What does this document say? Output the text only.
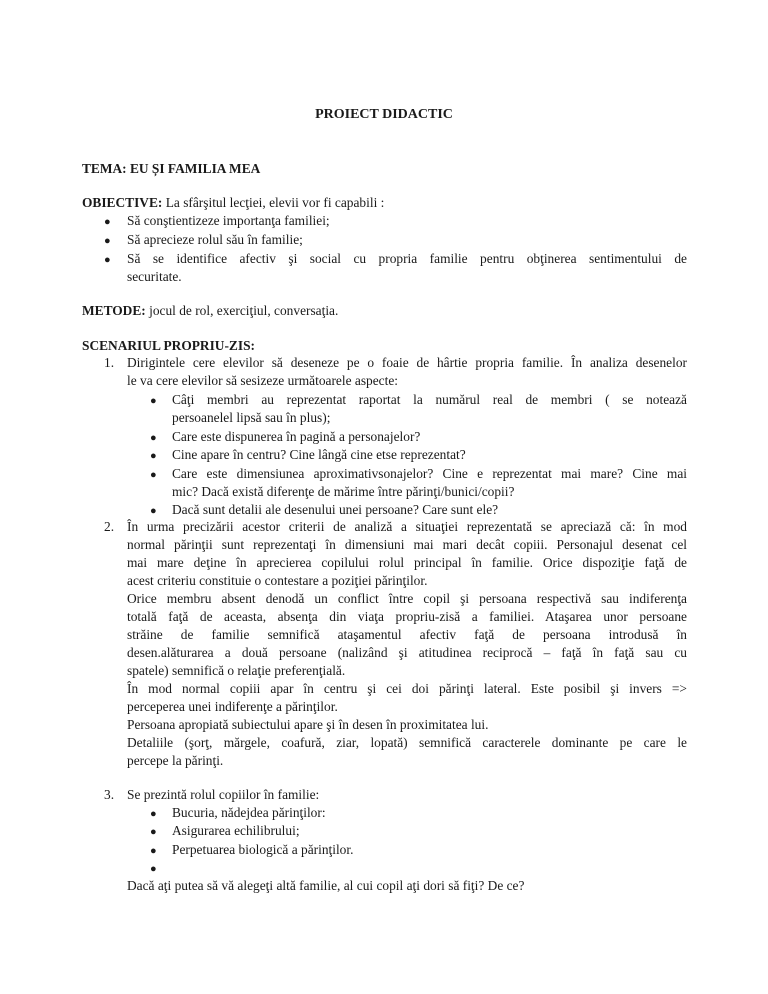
PROIECT DIDACTIC
TEMA: EU ȘI FAMILIA MEA
OBIECTIVE: La sfârşitul lecţiei, elevii vor fi capabili :
● Să conştientizeze importanţa familiei;
● Să aprecieze rolul său în familie;
● Să se identifice afectiv şi social cu propria familie pentru obţinerea sentimentului de
securitate.
METODE: jocul de rol, exerciţiul, conversaţia.
SCENARIUL PROPRIU-ZIS:
1. Dirigintele cere elevilor să deseneze pe o foaie de hârtie propria familie. În analiza desenelor
le va cere elevilor să sesizeze următoarele aspecte:
● Câţi membri au reprezentat raportat la numărul real de membri ( se notează
persoanelel lipsă sau în plus);
● Care este dispunerea în pagină a personajelor?
● Cine apare în centru? Cine lângă cine etse reprezentat?
● Care este dimensiunea aproximativsonajelor? Cine e reprezentat mai mare? Cine mai
mic? Dacă există diferenţe de mărime între părinţi/bunici/copii?
● Dacă sunt detalii ale desenului unei persoane? Care sunt ele?
2. În urma precizării acestor criterii de analiză a situaţiei reprezentată se apreciază că: în mod
normal părinţii sunt reprezentaţi în dimensiuni mai mari decât copiii. Personajul desenat cel
mai mare deţine în aprecierea copilului rolul principal în familie. Orice dispoziţie faţă de
acest criteriu constituie o contestare a poziţiei părinţilor.
Orice membru absent denodă un conflict între copil şi persoana respectivă sau indiferenţa
totală faţă de aceasta, absenţa din viaţa propriu-zisă a familiei. Ataşarea unor persoane
străine de familie semnifică ataşamentul afectiv faţă de persoana introdusă în
desen.alăturarea a două persoane (nalizând şi atitudinea reciprocă – faţă în faţă sau cu
spatele) semnifică o relaţie preferenţială.
În mod normal copiii apar în centru şi cei doi părinţi lateral. Este posibil şi invers =>
perceperea unei indiferenţe a părinţilor.
Persoana apropiată subiectului apare şi în desen în proximitatea lui.
Detaliile (şorţ, mărgele, coafură, ziar, lopată) semnifică caracterele dominante pe care le
percepe la părinţi.
3. Se prezintă rolul copiilor în familie:
● Bucuria, nădejdea părinţilor:
● Asigurarea echilibrului;
● Perpetuarea biologică a părinţilor.
●
Dacă aţi putea să vă alegeţi altă familie, al cui copil aţi dori să fiţi? De ce?
